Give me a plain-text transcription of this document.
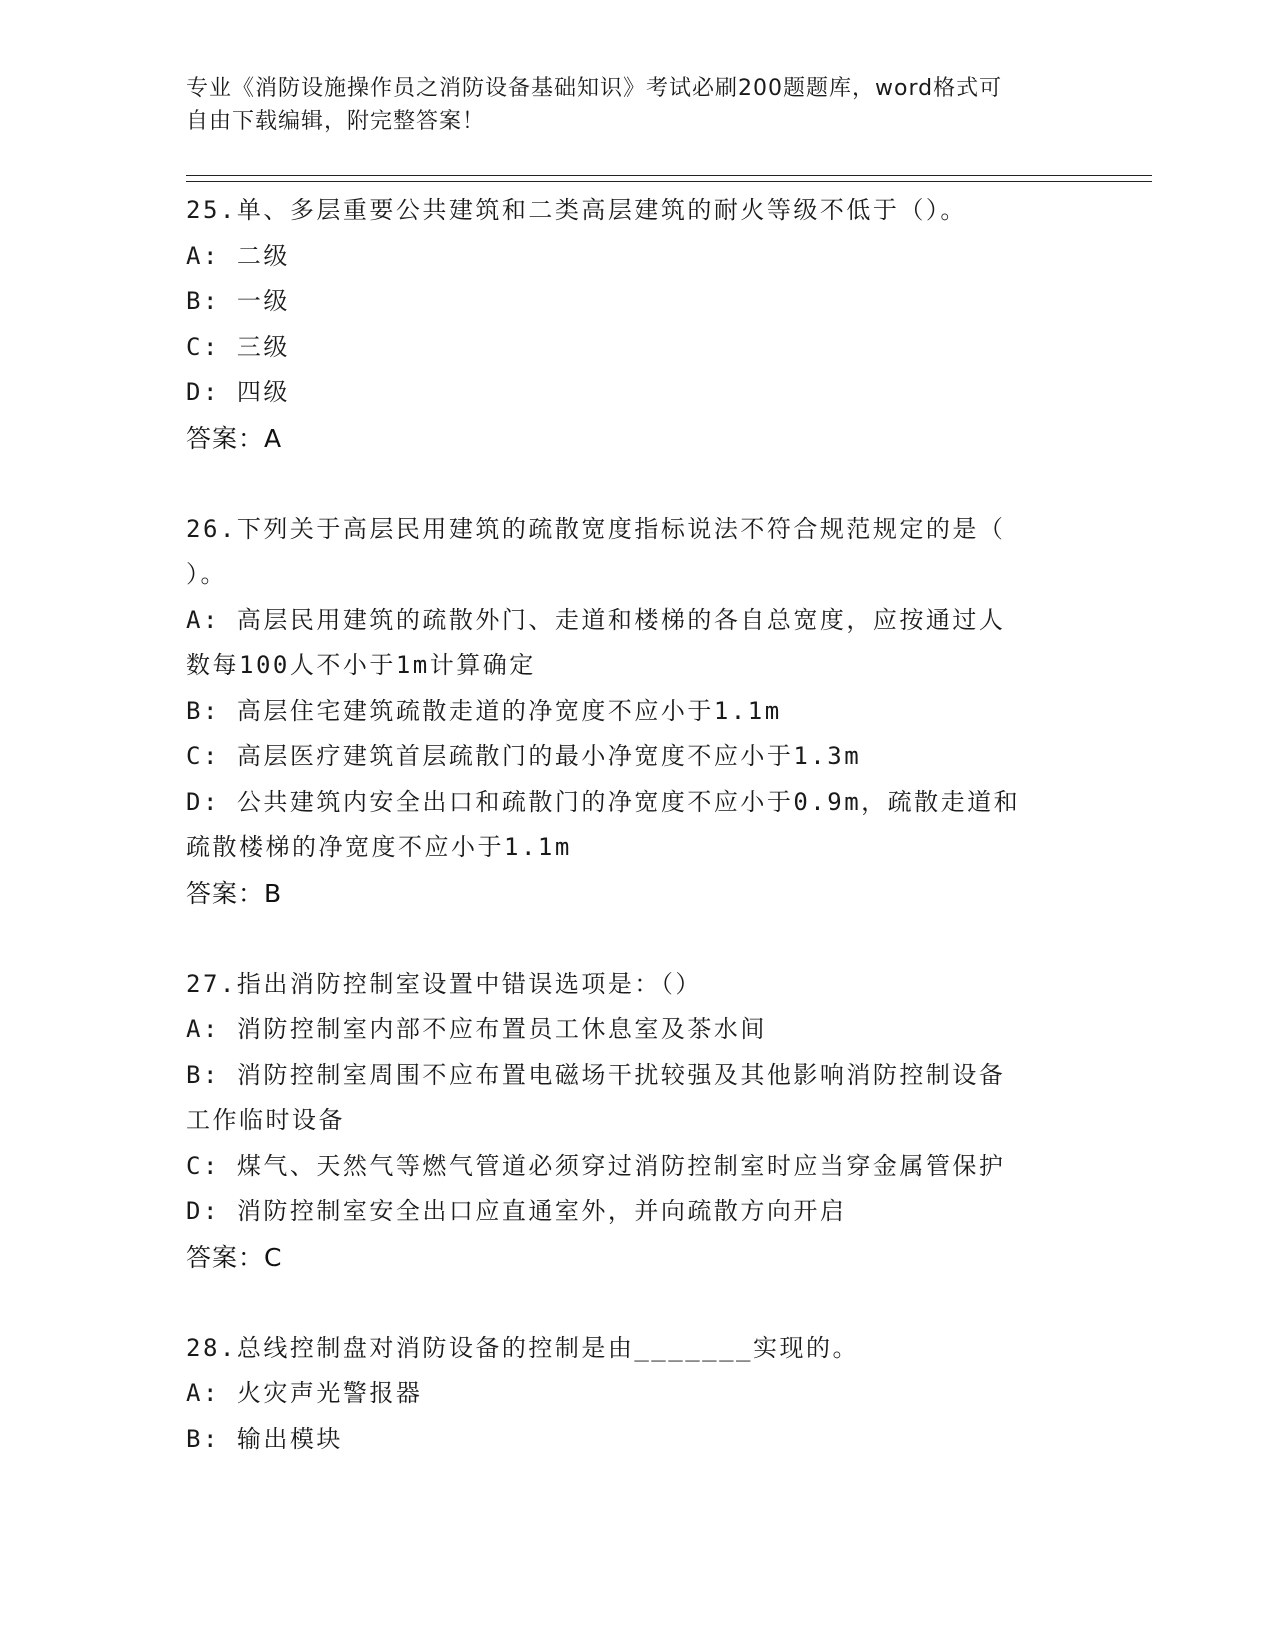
专业《消防设施操作员之消防设备基础知识》考试必刷200题题库，word格式可
自由下载编辑，附完整答案！
25.单、多层重要公共建筑和二类高层建筑的耐火等级不低于（）。
A: 二级
B: 一级
C: 三级
D: 四级
答案：A
26.下列关于高层民用建筑的疏散宽度指标说法不符合规范规定的是（
）。
A: 高层民用建筑的疏散外门、走道和楼梯的各自总宽度，应按通过人
数每100人不小于1m计算确定
B: 高层住宅建筑疏散走道的净宽度不应小于1.1m
C: 高层医疗建筑首层疏散门的最小净宽度不应小于1.3m
D: 公共建筑内安全出口和疏散门的净宽度不应小于0.9m，疏散走道和
疏散楼梯的净宽度不应小于1.1m
答案：B
27.指出消防控制室设置中错误选项是：（）
A: 消防控制室内部不应布置员工休息室及茶水间
B: 消防控制室周围不应布置电磁场干扰较强及其他影响消防控制设备
工作临时设备
C: 煤气、天然气等燃气管道必须穿过消防控制室时应当穿金属管保护
D: 消防控制室安全出口应直通室外，并向疏散方向开启
答案：C
28.总线控制盘对消防设备的控制是由_______实现的。
A: 火灾声光警报器
B: 输出模块
